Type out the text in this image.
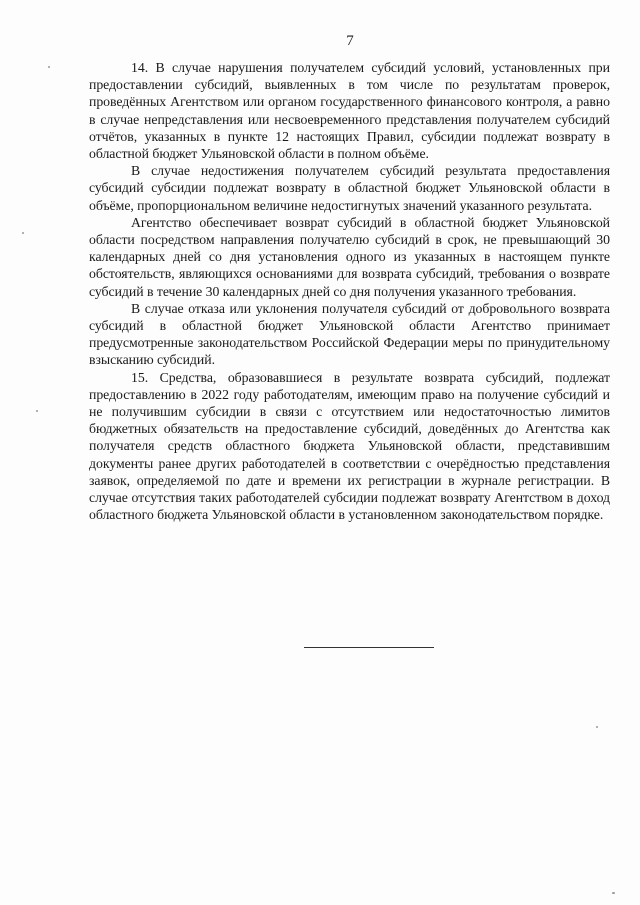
7

14. В случае нарушения получателем субсидий условий, установленных при предоставлении субсидий, выявленных в том числе по результатам проверок, проведённых Агентством или органом государственного финансового контроля, а равно в случае непредставления или несвоевременного представления получателем субсидий отчётов, указанных в пункте 12 настоящих Правил, субсидии подлежат возврату в областной бюджет Ульяновской области в полном объёме.

В случае недостижения получателем субсидий результата предоставления субсидий субсидии подлежат возврату в областной бюджет Ульяновской области в объёме, пропорциональном величине недостигнутых значений указанного результата.

Агентство обеспечивает возврат субсидий в областной бюджет Ульяновской области посредством направления получателю субсидий в срок, не превышающий 30 календарных дней со дня установления одного из указанных в настоящем пункте обстоятельств, являющихся основаниями для возврата субсидий, требования о возврате субсидий в течение 30 календарных дней со дня получения указанного требования.

В случае отказа или уклонения получателя субсидий от добровольного возврата субсидий в областной бюджет Ульяновской области Агентство принимает предусмотренные законодательством Российской Федерации меры по принудительному взысканию субсидий.

15. Средства, образовавшиеся в результате возврата субсидий, подлежат предоставлению в 2022 году работодателям, имеющим право на получение субсидий и не получившим субсидии в связи с отсутствием или недостаточностью лимитов бюджетных обязательств на предоставление субсидий, доведённых до Агентства как получателя средств областного бюджета Ульяновской области, представившим документы ранее других работодателей в соответствии с очерёдностью представления заявок, определяемой по дате и времени их регистрации в журнале регистрации. В случае отсутствия таких работодателей субсидии подлежат возврату Агентством в доход областного бюджета Ульяновской области в установленном законодательством порядке.
